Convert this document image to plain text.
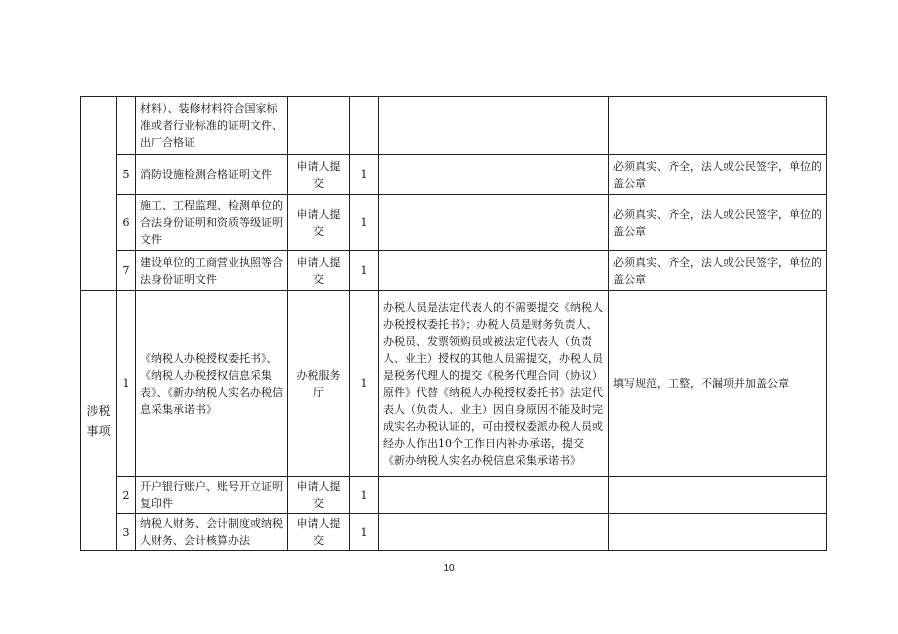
		材料）、装修材料符合国家标准或者行业标准的证明文件、出厂合格证				
	5	消防设施检测合格证明文件	申请人提交	1		必须真实、齐全，法人或公民签字，单位的盖公章
	6	施工、工程监理、检测单位的合法身份证明和资质等级证明文件	申请人提交	1		必须真实、齐全，法人或公民签字，单位的盖公章
	7	建设单位的工商营业执照等合法身份证明文件	申请人提交	1		必须真实、齐全，法人或公民签字，单位的盖公章
涉税事项	1	《纳税人办税授权委托书》、《纳税人办税授权信息采集表》、《新办纳税人实名办税信息采集承诺书》	办税服务厅	1	办税人员是法定代表人的不需要提交《纳税人办税授权委托书》；办税人员是财务负责人、办税员、发票领购员或被法定代表人（负责人、业主）授权的其他人员需提交，办税人员是税务代理人的提交《税务代理合同（协议）原件》代替《纳税人办税授权委托书》法定代表人（负责人、业主）因自身原因不能及时完成实名办税认证的，可由授权委派办税人员或经办人作出10个工作日内补办承诺，提交《新办纳税人实名办税信息采集承诺书》	填写规范，工整，不漏项并加盖公章
	2	开户银行账户、账号开立证明复印件	申请人提交	1		
	3	纳税人财务、会计制度或纳税人财务、会计核算办法	申请人提交	1		
10
